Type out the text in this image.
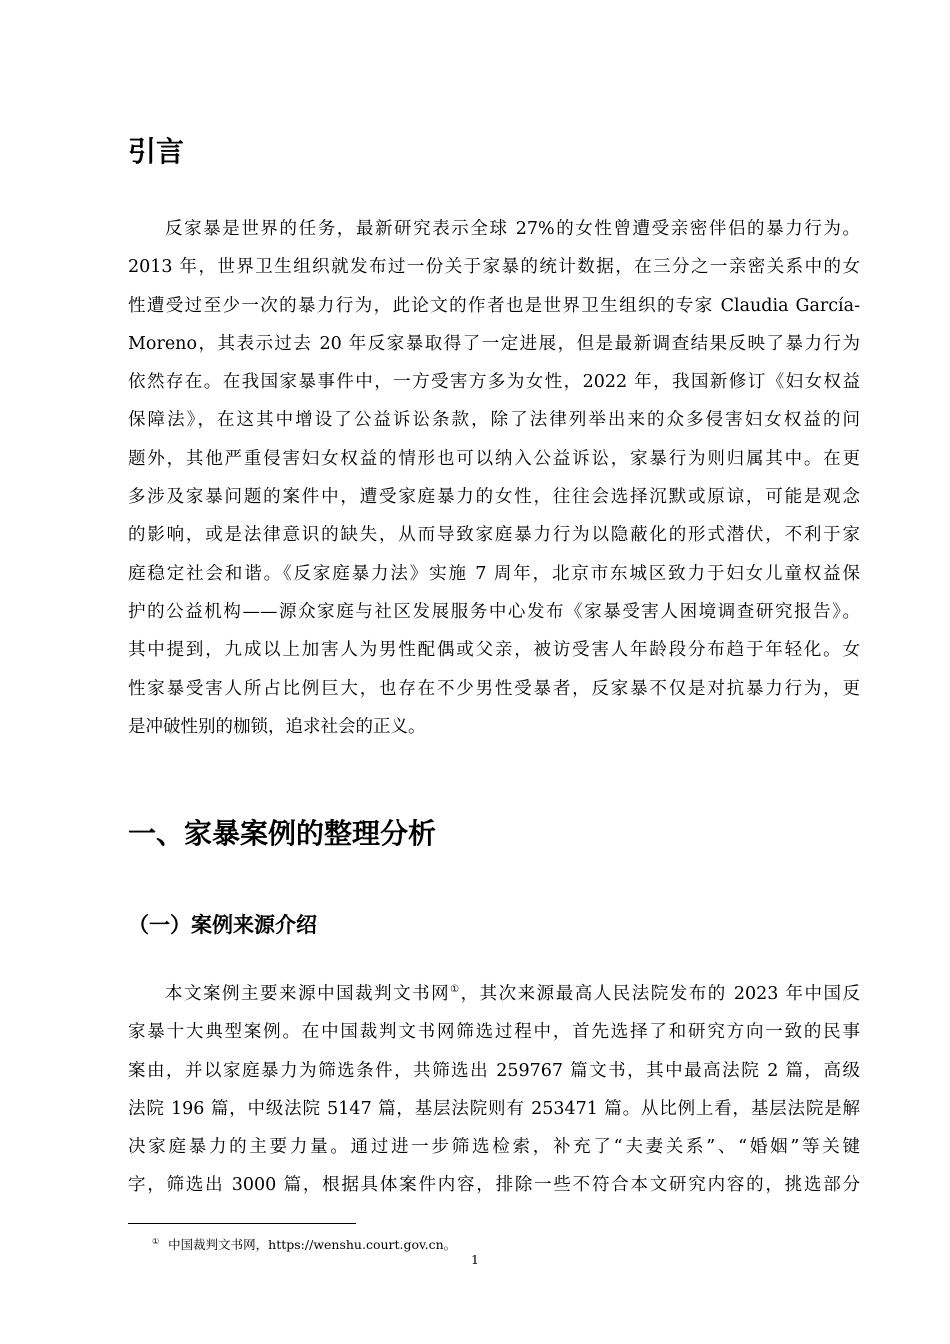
引言
反家暴是世界的任务，最新研究表示全球 27%的女性曾遭受亲密伴侣的暴力行为。
2013 年，世界卫生组织就发布过一份关于家暴的统计数据，在三分之一亲密关系中的女
性遭受过至少一次的暴力行为，此论文的作者也是世界卫生组织的专家 Claudia García-
Moreno，其表示过去 20 年反家暴取得了一定进展，但是最新调查结果反映了暴力行为
依然存在。在我国家暴事件中，一方受害方多为女性，2022 年，我国新修订《妇女权益
保障法》，在这其中增设了公益诉讼条款，除了法律列举出来的众多侵害妇女权益的问
题外，其他严重侵害妇女权益的情形也可以纳入公益诉讼，家暴行为则归属其中。在更
多涉及家暴问题的案件中，遭受家庭暴力的女性，往往会选择沉默或原谅，可能是观念
的影响，或是法律意识的缺失，从而导致家庭暴力行为以隐蔽化的形式潜伏，不利于家
庭稳定社会和谐。《反家庭暴力法》实施 7 周年，北京市东城区致力于妇女儿童权益保
护的公益机构——源众家庭与社区发展服务中心发布《家暴受害人困境调查研究报告》。
其中提到，九成以上加害人为男性配偶或父亲，被访受害人年龄段分布趋于年轻化。女
性家暴受害人所占比例巨大，也存在不少男性受暴者，反家暴不仅是对抗暴力行为，更
是冲破性别的枷锁，追求社会的正义。
一、家暴案例的整理分析
（一）案例来源介绍
本文案例主要来源中国裁判文书网①，其次来源最高人民法院发布的 2023 年中国反
家暴十大典型案例。在中国裁判文书网筛选过程中，首先选择了和研究方向一致的民事
案由，并以家庭暴力为筛选条件，共筛选出 259767 篇文书，其中最高法院 2 篇，高级
法院 196 篇，中级法院 5147 篇，基层法院则有 253471 篇。从比例上看，基层法院是解
决家庭暴力的主要力量。通过进一步筛选检索，补充了“夫妻关系”、“婚姻”等关键
字，筛选出 3000 篇，根据具体案件内容，排除一些不符合本文研究内容的，挑选部分
① 中国裁判文书网，https://wenshu.court.gov.cn。
1
